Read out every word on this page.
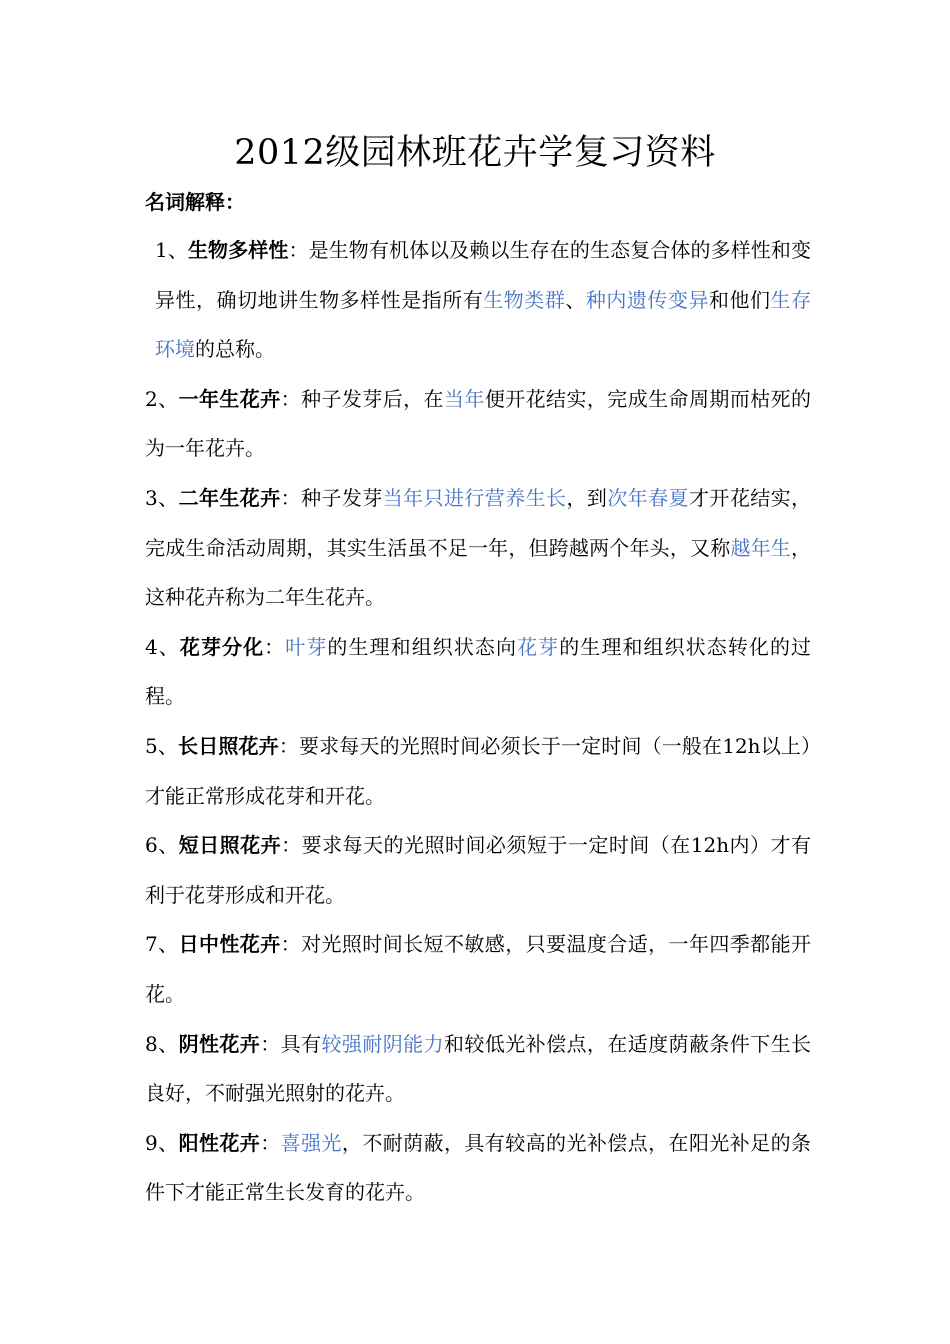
2012级园林班花卉学复习资料
名词解释：

1、生物多样性：是生物有机体以及赖以生存在的生态复合体的多样性和变异性，确切地讲生物多样性是指所有生物类群、种内遗传变异和他们生存环境的总称。

2、一年生花卉：种子发芽后，在当年便开花结实，完成生命周期而枯死的为一年花卉。

3、二年生花卉：种子发芽当年只进行营养生长，到次年春夏才开花结实，完成生命活动周期，其实生活虽不足一年，但跨越两个年头，又称越年生，这种花卉称为二年生花卉。

4、花芽分化：叶芽的生理和组织状态向花芽的生理和组织状态转化的过程。

5、长日照花卉：要求每天的光照时间必须长于一定时间（一般在12h以上）才能正常形成花芽和开花。

6、短日照花卉：要求每天的光照时间必须短于一定时间（在12h内）才有利于花芽形成和开花。

7、日中性花卉：对光照时间长短不敏感，只要温度合适，一年四季都能开花。

8、阴性花卉：具有较强耐阴能力和较低光补偿点，在适度荫蔽条件下生长良好，不耐强光照射的花卉。

9、阳性花卉：喜强光，不耐荫蔽，具有较高的光补偿点，在阳光补足的条件下才能正常生长发育的花卉。
